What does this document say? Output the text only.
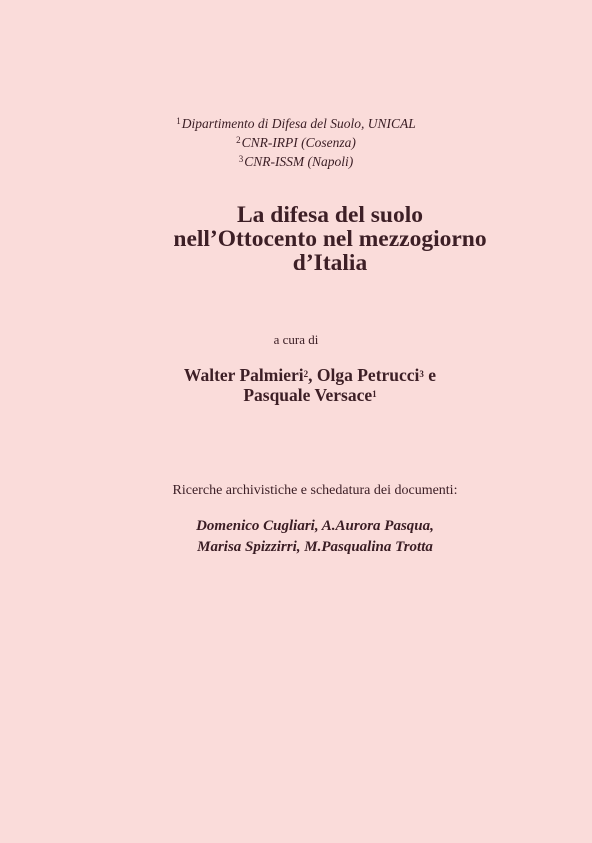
$^1$Dipartimento di Difesa del Suolo, UNICAL
$^2$CNR-IRPI (Cosenza)
$^3$CNR-ISSM (Napoli)
La difesa del suolo
nell’Ottocento nel mezzogiorno
d’Italia
a cura di
Walter Palmieri$^2$, Olga Petrucci$^3$ e
Pasquale Versace$^1$
Ricerche archivistiche e schedatura dei documenti:
Domenico Cugliari, A.Aurora Pasqua,
Marisa Spizzirri, M.Pasqualina Trotta
